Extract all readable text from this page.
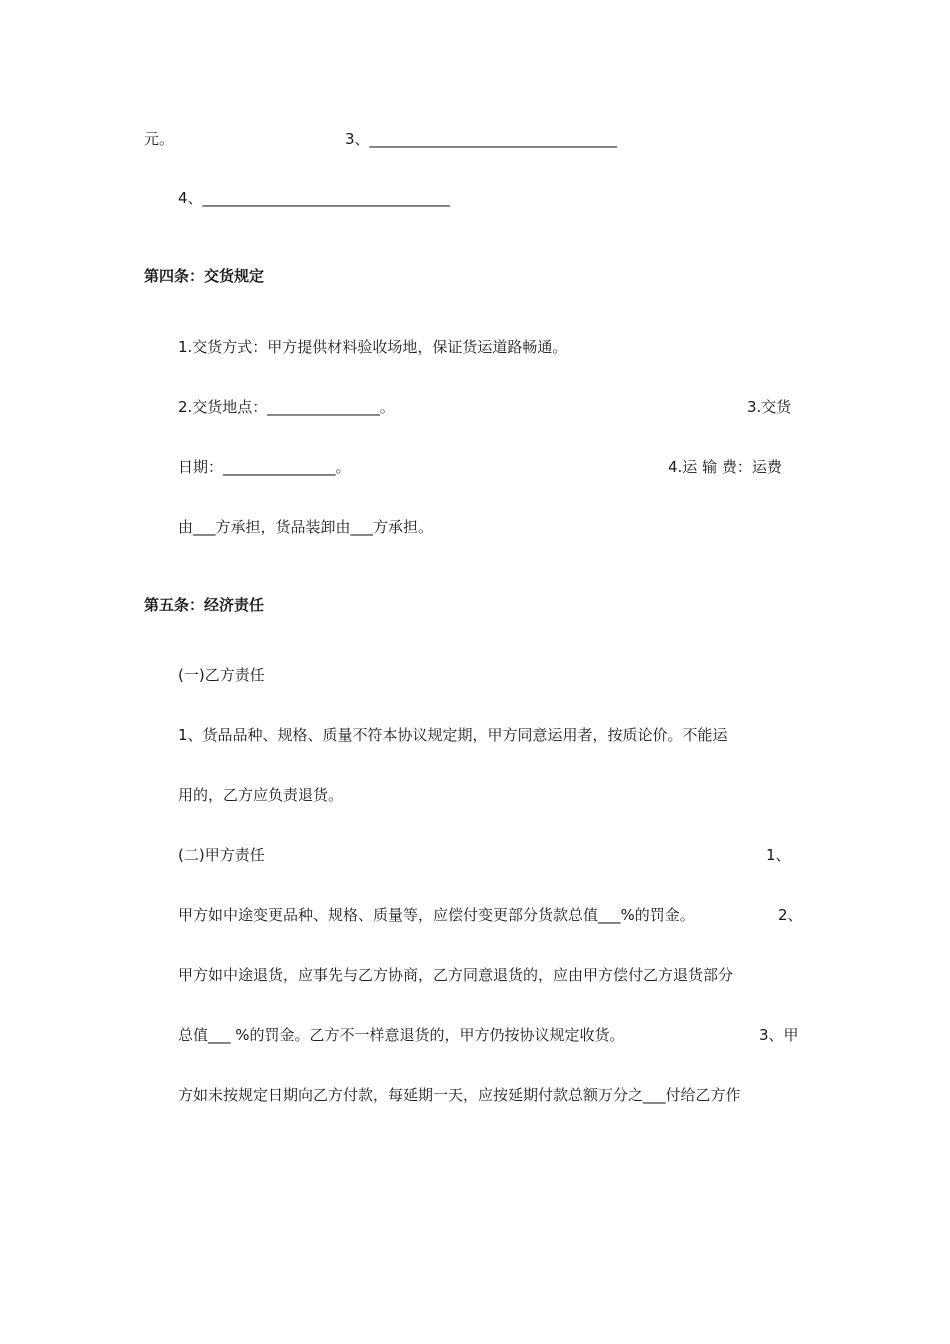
元。	3、_________________________________
4、_________________________________
第四条：交货规定
1.交货方式：甲方提供材料验收场地，保证货运道路畅通。
2.交货地点：_______________。	3.交货
日期：_______________。	4.运 输 费：运费
由___方承担，货品装卸由___方承担。
第五条：经济责任
(一)乙方责任
1、货品品种、规格、质量不符本协议规定期，甲方同意运用者，按质论价。不能运
用的，乙方应负责退货。
(二)甲方责任	1、
甲方如中途变更品种、规格、质量等，应偿付变更部分货款总值___%的罚金。	2、
甲方如中途退货，应事先与乙方协商，乙方同意退货的，应由甲方偿付乙方退货部分
总值___ %的罚金。乙方不一样意退货的，甲方仍按协议规定收货。	3、甲
方如未按规定日期向乙方付款，每延期一天，应按延期付款总额万分之___付给乙方作
